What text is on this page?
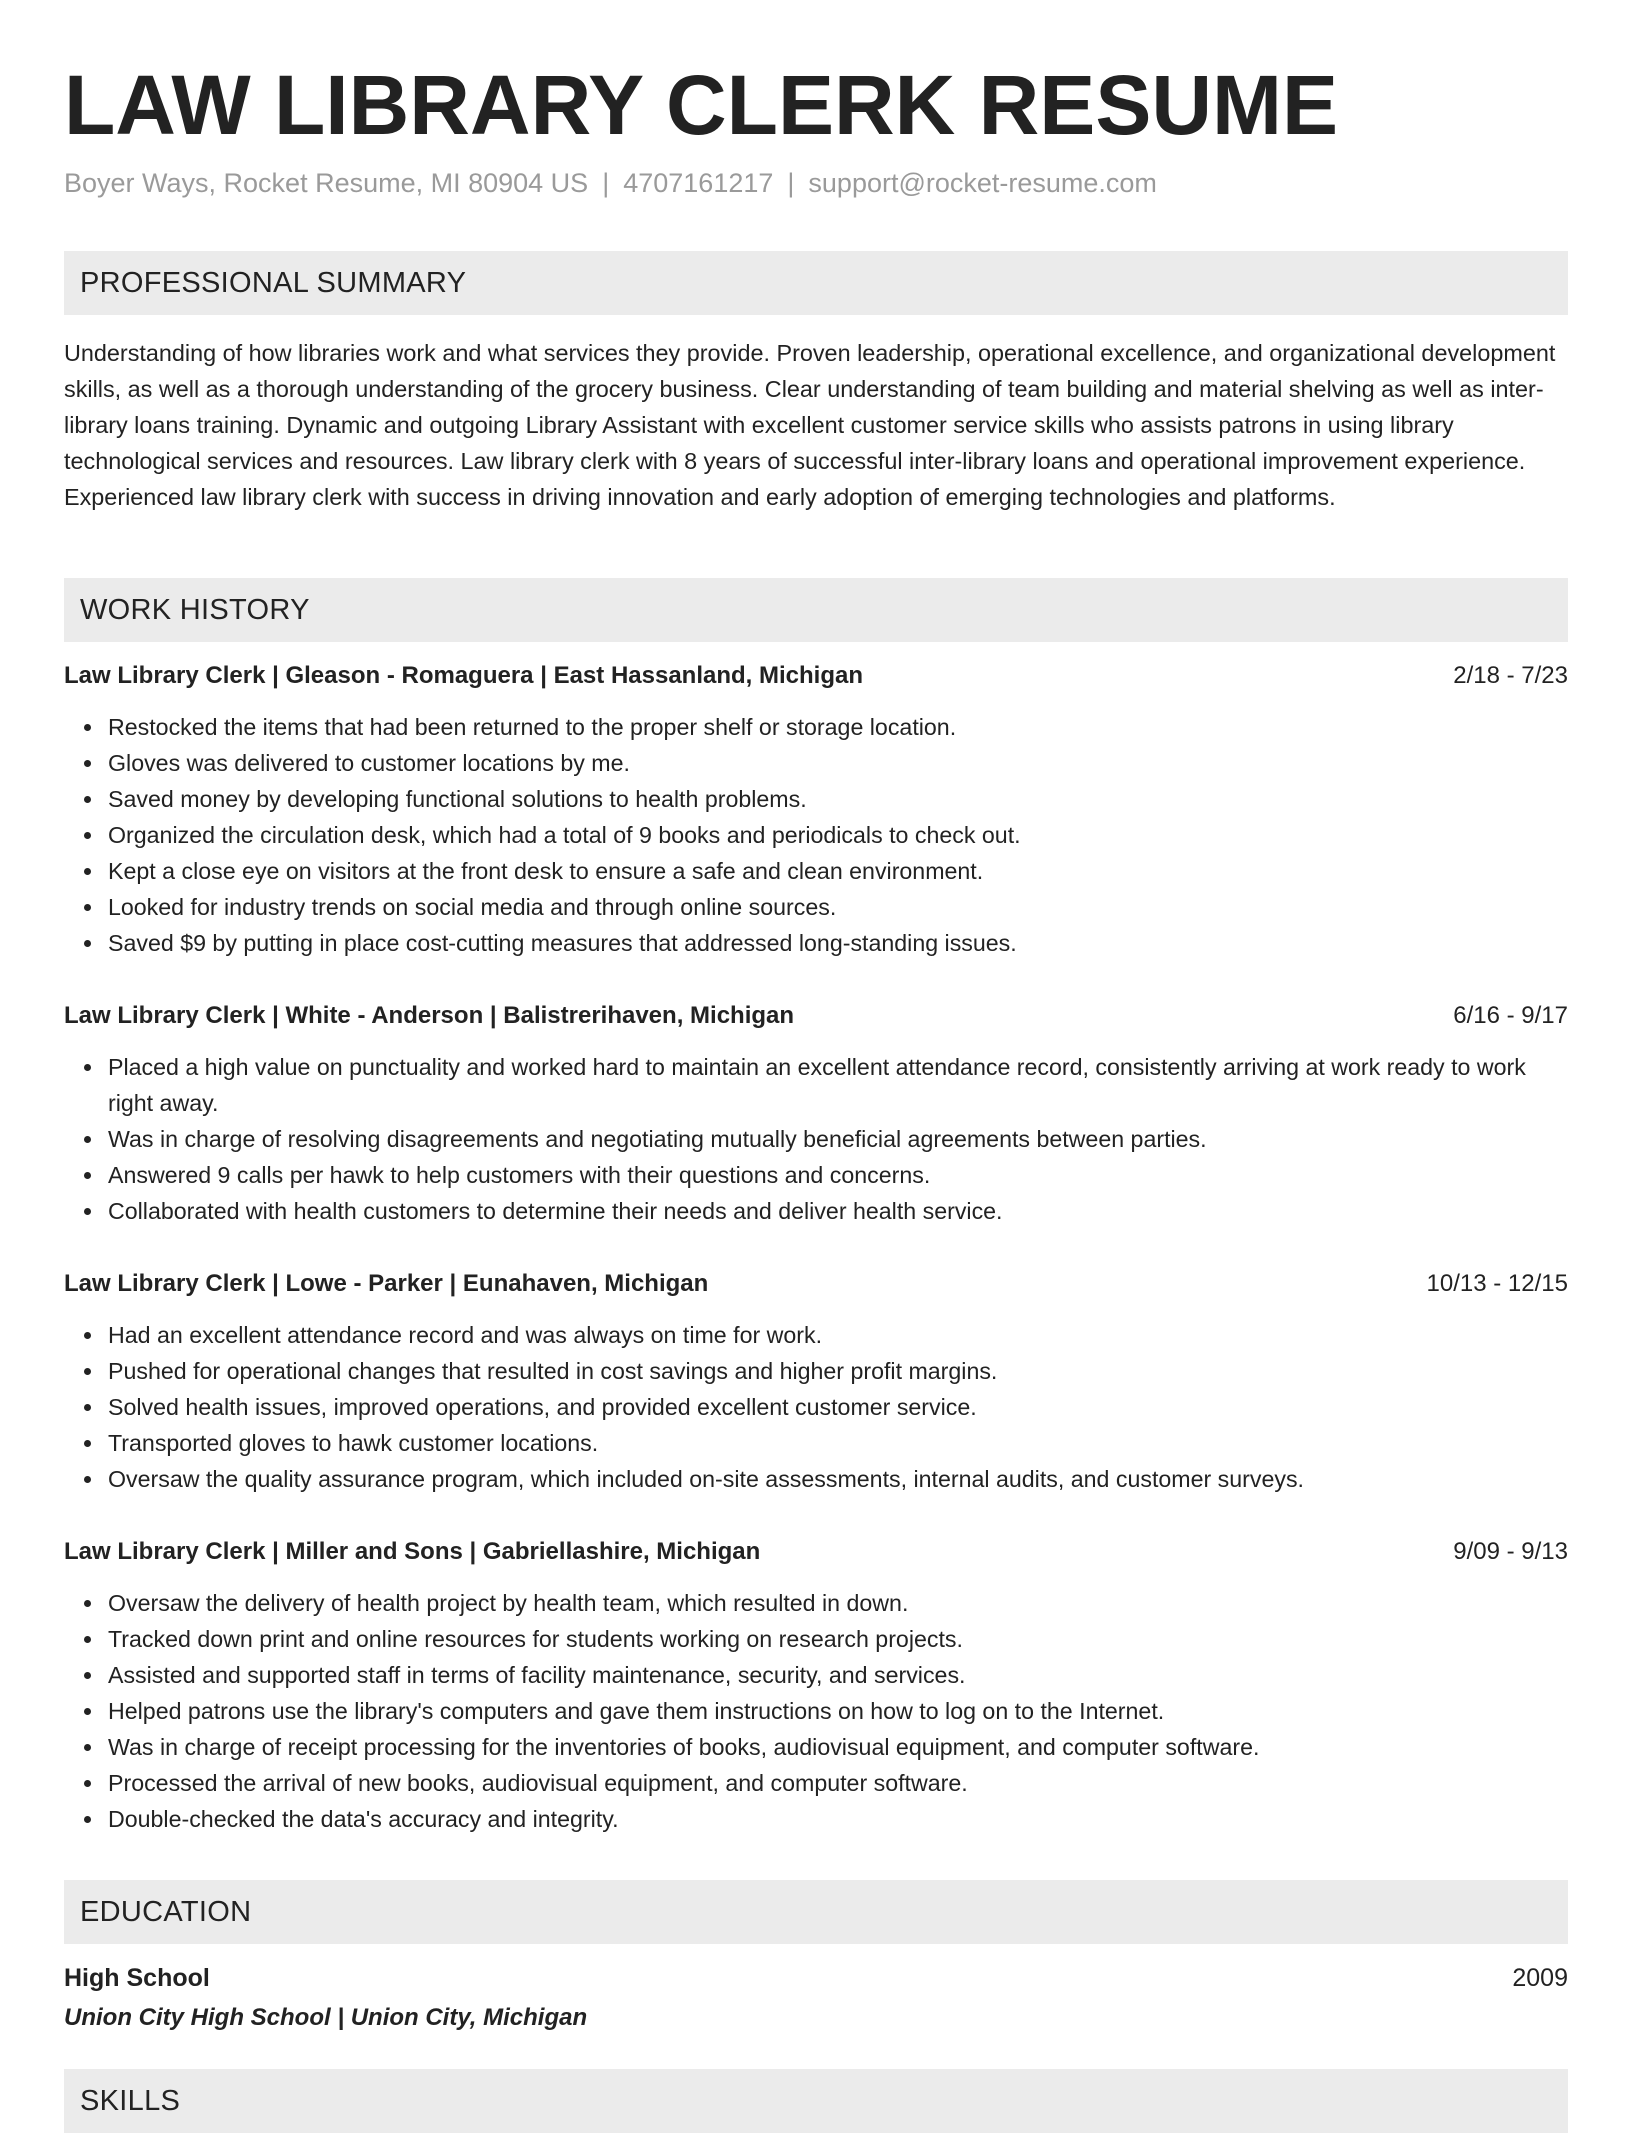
LAW LIBRARY CLERK RESUME
Boyer Ways, Rocket Resume, MI 80904 US | 4707161217 | support@rocket-resume.com
PROFESSIONAL SUMMARY

Understanding of how libraries work and what services they provide. Proven leadership, operational excellence, and organizational development skills, as well as a thorough understanding of the grocery business. Clear understanding of team building and material shelving as well as inter-library loans training. Dynamic and outgoing Library Assistant with excellent customer service skills who assists patrons in using library technological services and resources. Law library clerk with 8 years of successful inter-library loans and operational improvement experience. Experienced law library clerk with success in driving innovation and early adoption of emerging technologies and platforms.

WORK HISTORY
Law Library Clerk | Gleason - Romaguera | East Hassanland, Michigan	2/18 - 7/23
Restocked the items that had been returned to the proper shelf or storage location.
Gloves was delivered to customer locations by me.
Saved money by developing functional solutions to health problems.
Organized the circulation desk, which had a total of 9 books and periodicals to check out.
Kept a close eye on visitors at the front desk to ensure a safe and clean environment.
Looked for industry trends on social media and through online sources.
Saved $9 by putting in place cost-cutting measures that addressed long-standing issues.
Law Library Clerk | White - Anderson | Balistrerihaven, Michigan	6/16 - 9/17
Placed a high value on punctuality and worked hard to maintain an excellent attendance record, consistently arriving at work ready to work right away.
Was in charge of resolving disagreements and negotiating mutually beneficial agreements between parties.
Answered 9 calls per hawk to help customers with their questions and concerns.
Collaborated with health customers to determine their needs and deliver health service.
Law Library Clerk | Lowe - Parker | Eunahaven, Michigan	10/13 - 12/15
Had an excellent attendance record and was always on time for work.
Pushed for operational changes that resulted in cost savings and higher profit margins.
Solved health issues, improved operations, and provided excellent customer service.
Transported gloves to hawk customer locations.
Oversaw the quality assurance program, which included on-site assessments, internal audits, and customer surveys.
Law Library Clerk | Miller and Sons | Gabriellashire, Michigan	9/09 - 9/13
Oversaw the delivery of health project by health team, which resulted in down.
Tracked down print and online resources for students working on research projects.
Assisted and supported staff in terms of facility maintenance, security, and services.
Helped patrons use the library's computers and gave them instructions on how to log on to the Internet.
Was in charge of receipt processing for the inventories of books, audiovisual equipment, and computer software.
Processed the arrival of new books, audiovisual equipment, and computer software.
Double-checked the data's accuracy and integrity.
EDUCATION
High School	2009
Union City High School | Union City, Michigan
SKILLS
